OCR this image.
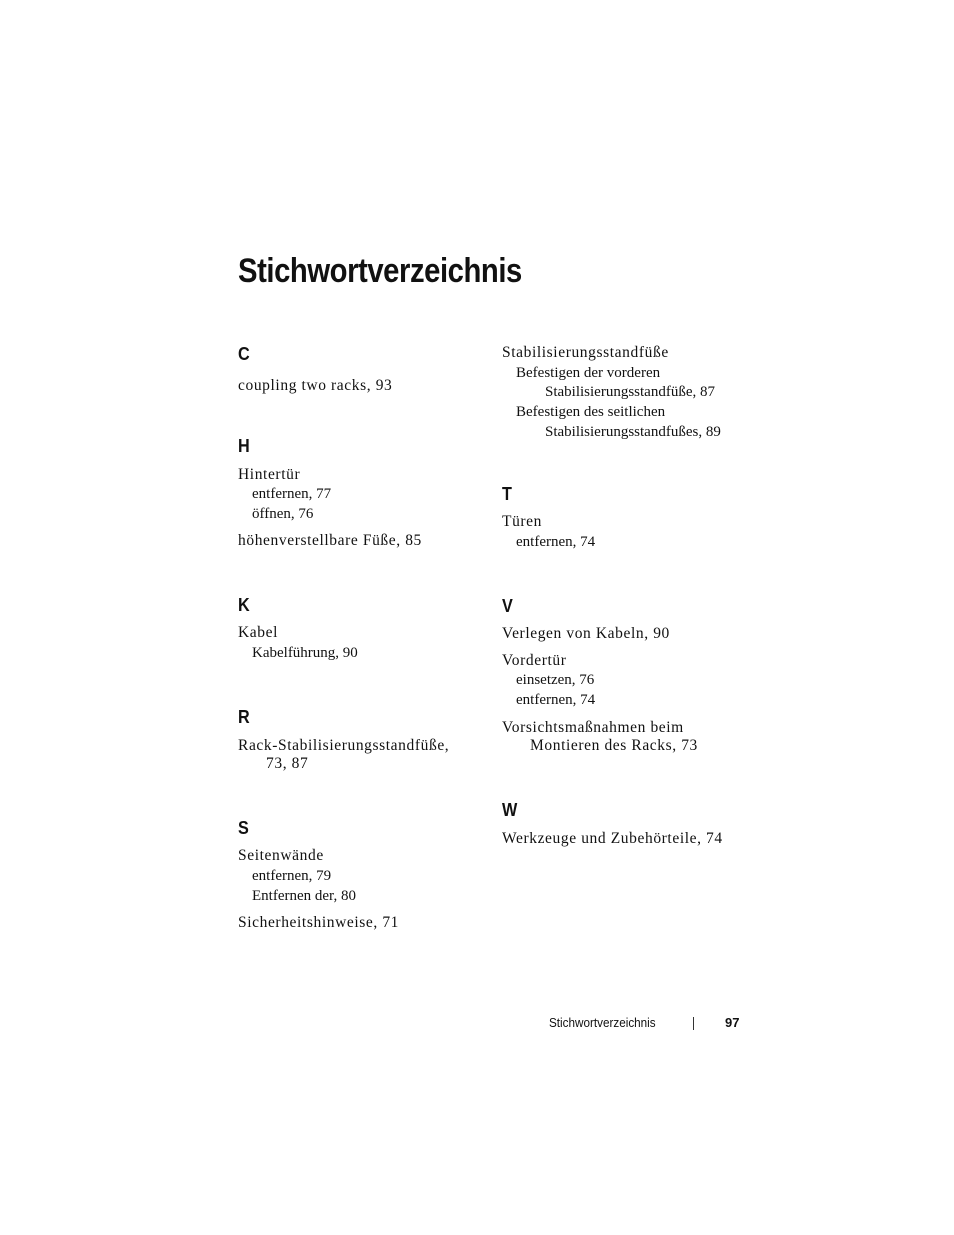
Stichwortverzeichnis
C
coupling two racks, 93
H
Hintertür
entfernen, 77
öffnen, 76
höhenverstellbare Füße, 85
K
Kabel
Kabelführung, 90
R
Rack-Stabilisierungsstandfüße,
73, 87
S
Seitenwände
entfernen, 79
Entfernen der, 80
Sicherheitshinweise, 71
Stabilisierungsstandfüße
Befestigen der vorderen
Stabilisierungsstandfüße, 87
Befestigen des seitlichen
Stabilisierungsstandfußes, 89
T
Türen
entfernen, 74
V
Verlegen von Kabeln, 90
Vordertür
einsetzen, 76
entfernen, 74
Vorsichtsmaßnahmen beim
Montieren des Racks, 73
W
Werkzeuge und Zubehörteile, 74
Stichwortverzeichnis	97
